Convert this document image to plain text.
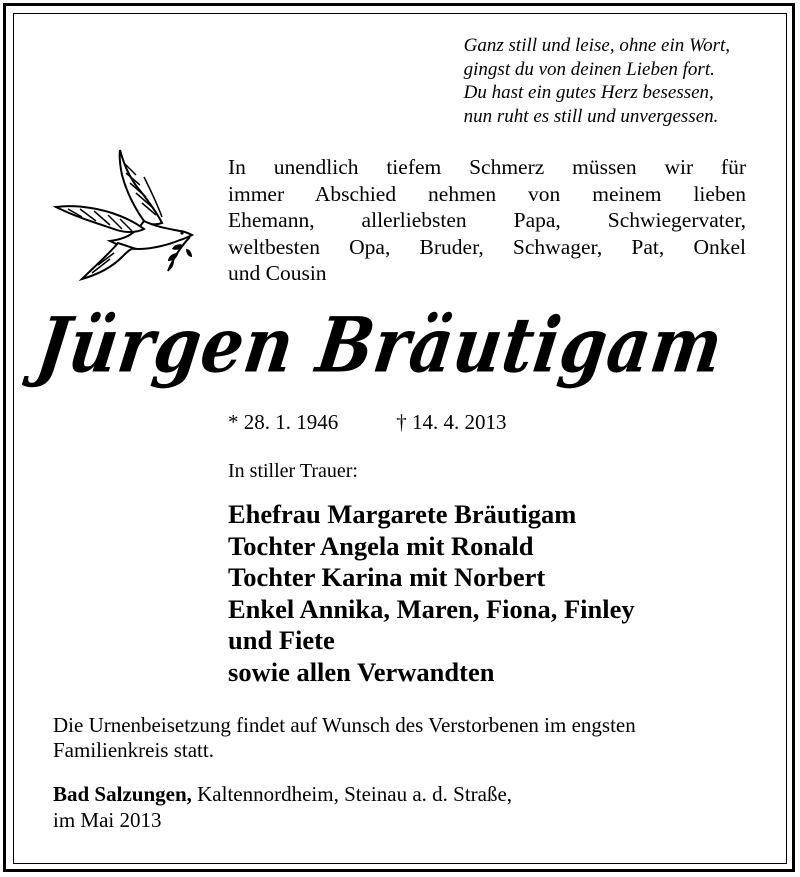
Ganz still und leise, ohne ein Wort,
gingst du von deinen Lieben fort.
Du hast ein gutes Herz besessen,
nun ruht es still und unvergessen.
In unendlich tiefem Schmerz müssen wir für
immer Abschied nehmen von meinem lieben
Ehemann, allerliebsten Papa, Schwiegervater,
weltbesten Opa, Bruder, Schwager, Pat, Onkel
und Cousin
Jürgen Bräutigam
* 28. 1. 1946	† 14. 4. 2013
In stiller Trauer:
Ehefrau Margarete Bräutigam
Tochter Angela mit Ronald
Tochter Karina mit Norbert
Enkel Annika, Maren, Fiona, Finley
und Fiete
sowie allen Verwandten
Die Urnenbeisetzung findet auf Wunsch des Verstorbenen im engsten Familienkreis statt.
Bad Salzungen, Kaltennordheim, Steinau a. d. Straße,
im Mai 2013
